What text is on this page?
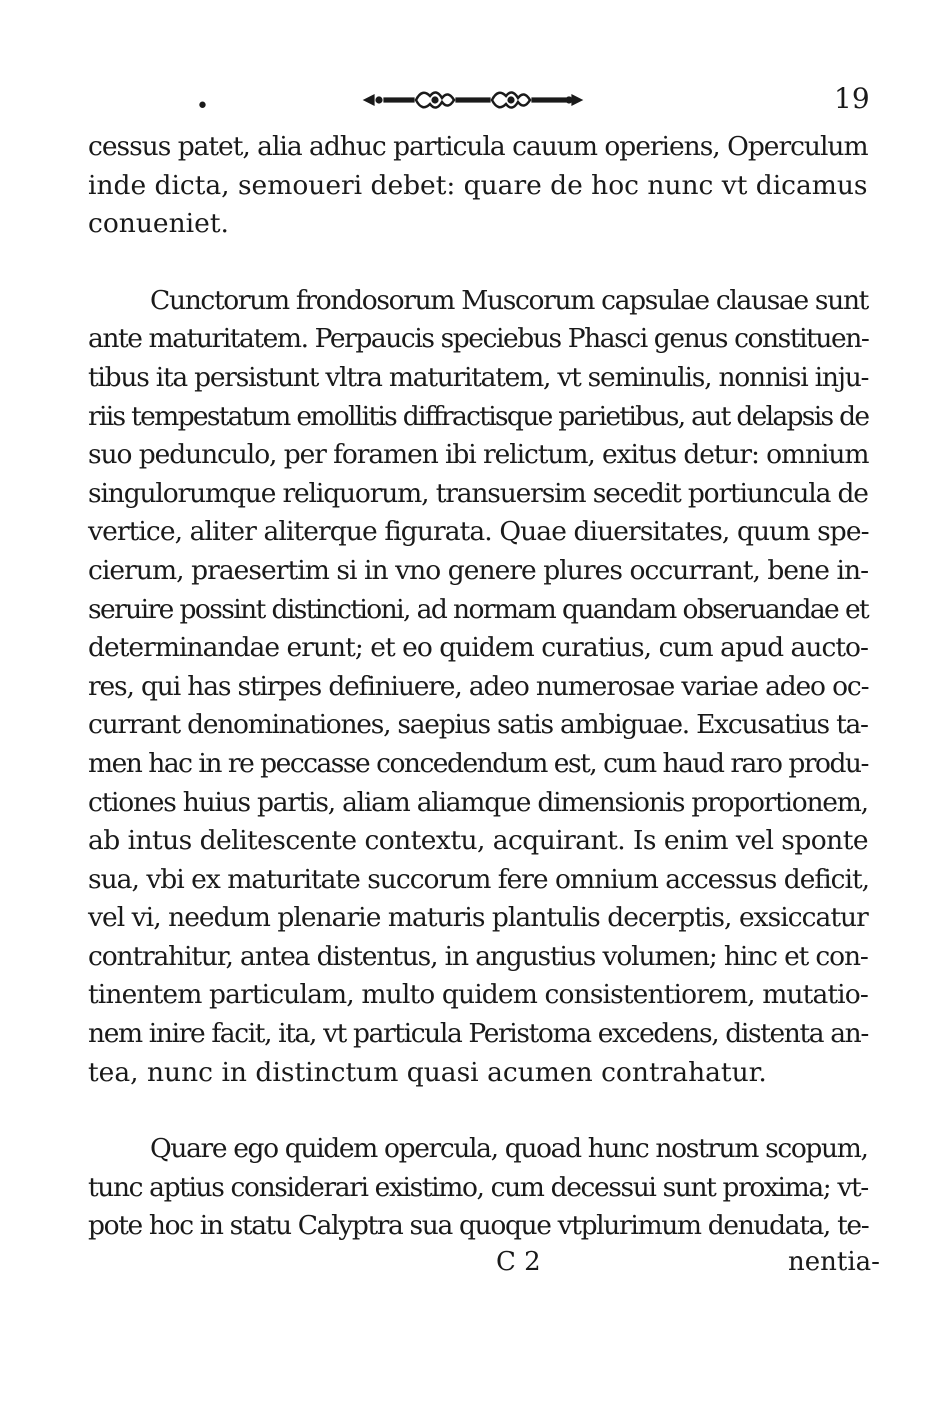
•	19
cessus patet, alia adhuc particula cauum operiens, Operculum
inde dicta, semoueri debet: quare de hoc nunc vt dicamus
conueniet.
Cunctorum frondosorum Muscorum capsulae clausae sunt
ante maturitatem. Perpaucis speciebus Phasci genus constituen-
tibus ita persistunt vltra maturitatem, vt seminulis, nonnisi inju-
riis tempestatum emollitis diffractisque parietibus, aut delapsis de
suo pedunculo, per foramen ibi relictum, exitus detur: omnium
singulorumque reliquorum, transuersim secedit portiuncula de
vertice, aliter aliterque figurata. Quae diuersitates, quum spe-
cierum, praesertim si in vno genere plures occurrant, bene in-
seruire possint distinctioni, ad normam quandam obseruandae et
determinandae erunt; et eo quidem curatius, cum apud aucto-
res, qui has stirpes definiuere, adeo numerosae variae adeo oc-
currant denominationes, saepius satis ambiguae. Excusatius ta-
men hac in re peccasse concedendum est, cum haud raro produ-
ctiones huius partis, aliam aliamque dimensionis proportionem,
ab intus delitescente contextu, acquirant. Is enim vel sponte
sua, vbi ex maturitate succorum fere omnium accessus deficit,
vel vi, needum plenarie maturis plantulis decerptis, exsiccatur
contrahitur, antea distentus, in angustius volumen; hinc et con-
tinentem particulam, multo quidem consistentiorem, mutatio-
nem inire facit, ita, vt particula Peristoma excedens, distenta an-
tea, nunc in distinctum quasi acumen contrahatur.
Quare ego quidem opercula, quoad hunc nostrum scopum,
tunc aptius considerari existimo, cum decessui sunt proxima; vt-
pote hoc in statu Calyptra sua quoque vtplurimum denudata, te-
C 2	nentia-
